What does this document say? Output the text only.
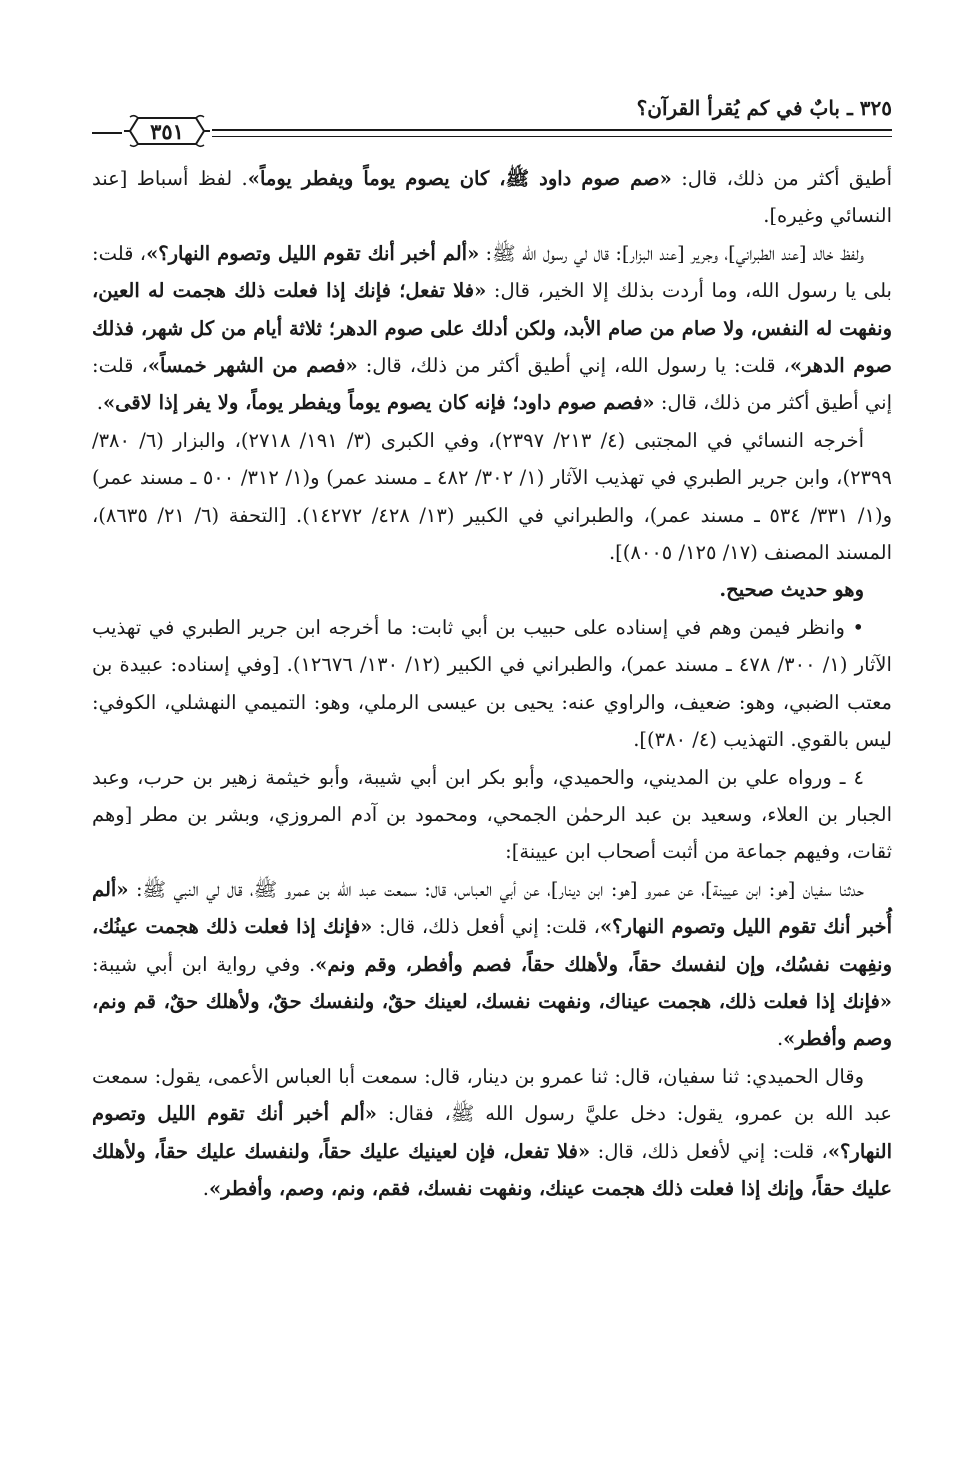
٣٢٥ ـ بابٌ في كم يُقرأ القرآن؟
٣٥١

أطيق أكثر من ذلك، قال: «صم صوم داود ﷺ، كان يصوم يوماً ويفطر يوماً». لفظ أسباط [عند النسائي وغيره].

ولفظ خالد [عند الطبراني]، وجرير [عند البزار]: قال لي رسول الله ﷺ: «ألم أخبر أنك تقوم الليل وتصوم النهار؟»، قلت: بلى يا رسول الله، وما أردت بذلك إلا الخير، قال: «فلا تفعل؛ فإنك إذا فعلت ذلك هجمت له العين، ونفهت له النفس، ولا صام من صام الأبد، ولكن أدلك على صوم الدهر؛ ثلاثة أيام من كل شهر، فذلك صوم الدهر»، قلت: يا رسول الله، إني أطيق أكثر من ذلك، قال: «فصم من الشهر خمساً»، قلت: إني أطيق أكثر من ذلك، قال: «فصم صوم داود؛ فإنه كان يصوم يوماً ويفطر يوماً، ولا يفر إذا لاقى».

أخرجه النسائي في المجتبى (٤/ ٢١٣/ ٢٣٩٧)، وفي الكبرى (٣/ ١٩١/ ٢٧١٨)، والبزار (٦/ ٣٨٠/ ٢٣٩٩)، وابن جرير الطبري في تهذيب الآثار (١/ ٣٠٢/ ٤٨٢ ـ مسند عمر) و(١/ ٣١٢/ ٥٠٠ ـ مسند عمر) و(١/ ٣٣١/ ٥٣٤ ـ مسند عمر)، والطبراني في الكبير (١٣/ ٤٢٨/ ١٤٢٧٢). [التحفة (٦/ ٢١/ ٨٦٣٥)، المسند المصنف (١٧/ ١٢٥/ ٨٠٠٥)].

وهو حديث صحيح.

• وانظر فيمن وهم في إسناده على حبيب بن أبي ثابت: ما أخرجه ابن جرير الطبري في تهذيب الآثار (١/ ٣٠٠/ ٤٧٨ ـ مسند عمر)، والطبراني في الكبير (١٢/ ١٣٠/ ١٢٦٧٦). [وفي إسناده: عبيدة بن معتب الضبي، وهو: ضعيف، والراوي عنه: يحيى بن عيسى الرملي، وهو: التميمي النهشلي، الكوفي: ليس بالقوي. التهذيب (٤/ ٣٨٠)].

٤ ـ ورواه علي بن المديني، والحميدي، وأبو بكر ابن أبي شيبة، وأبو خيثمة زهير بن حرب، وعبد الجبار بن العلاء، وسعيد بن عبد الرحمٰن الجمحي، ومحمود بن آدم المروزي، وبشر بن مطر [وهم ثقات، وفيهم جماعة من أثبت أصحاب ابن عيينة]:

حدثنا سفيان [هو: ابن عيينة]، عن عمرو [هو: ابن دينار]، عن أبي العباس، قال: سمعت عبد الله بن عمرو ﷺ، قال لي النبي ﷺ: «ألم أُخبر أنك تقوم الليل وتصوم النهار؟»، قلت: إني أفعل ذلك، قال: «فإنك إذا فعلت ذلك هجمت عينُك، ونفِهت نفسُك، وإن لنفسك حقاً، ولأهلك حقاً، فصم وأفطر، وقم ونم». وفي رواية ابن أبي شيبة: «فإنك إذا فعلت ذلك، هجمت عيناك، ونفهت نفسك، لعينك حقٌ، ولنفسك حقٌ، ولأهلك حقٌ، قم ونم، وصم وأفطر».

وقال الحميدي: ثنا سفيان، قال: ثنا عمرو بن دينار، قال: سمعت أبا العباس الأعمى، يقول: سمعت عبد الله بن عمرو، يقول: دخل عليَّ رسول الله ﷺ، فقال: «ألم أخبر أنك تقوم الليل وتصوم النهار؟»، قلت: إني لأفعل ذلك، قال: «فلا تفعل، فإن لعينيك عليك حقاً، ولنفسك عليك حقاً، ولأهلك عليك حقاً، وإنك إذا فعلت ذلك هجمت عينك، ونفهت نفسك، فقم، ونم، وصم، وأفطر».
